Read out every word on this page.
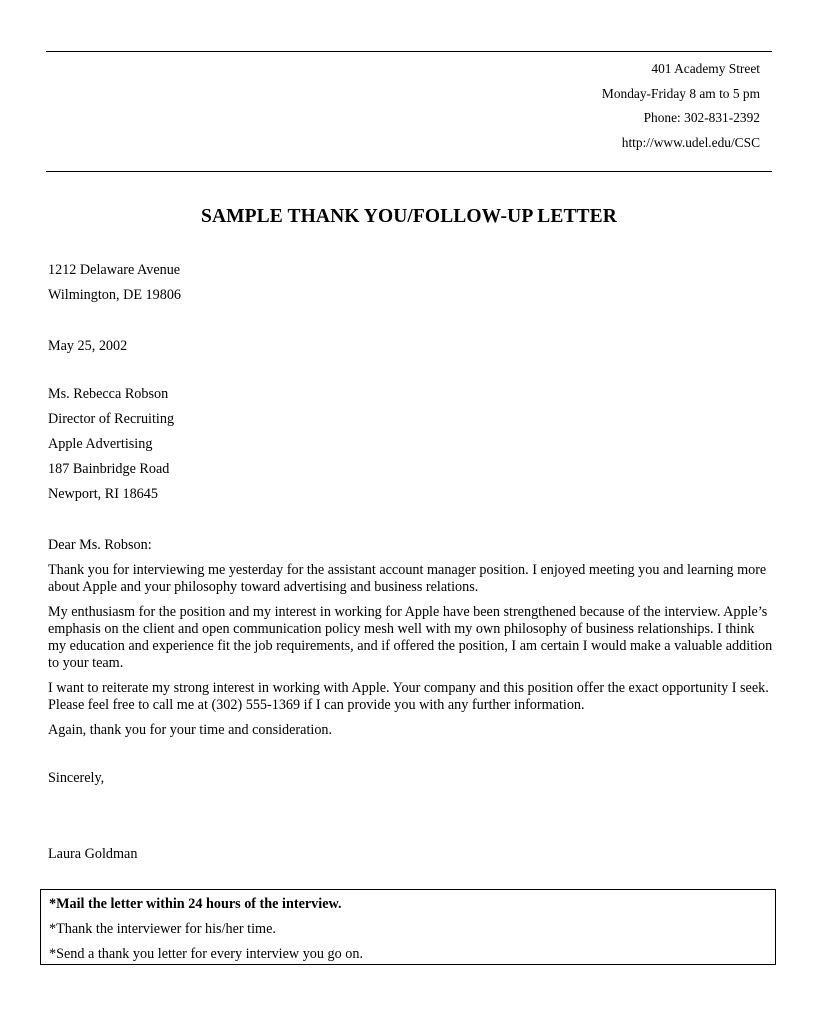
401 Academy Street
Monday-Friday 8 am to 5 pm
Phone: 302-831-2392
http://www.udel.edu/CSC
SAMPLE THANK YOU/FOLLOW-UP LETTER
1212 Delaware Avenue
Wilmington, DE 19806
May 25, 2002
Ms. Rebecca Robson
Director of Recruiting
Apple Advertising
187 Bainbridge Road
Newport, RI 18645
Dear Ms. Robson:

Thank you for interviewing me yesterday for the assistant account manager position. I enjoyed meeting you and learning more about Apple and your philosophy toward advertising and business relations.

My enthusiasm for the position and my interest in working for Apple have been strengthened because of the interview. Apple’s emphasis on the client and open communication policy mesh well with my own philosophy of business relationships. I think my education and experience fit the job requirements, and if offered the position, I am certain I would make a valuable addition to your team.

I want to reiterate my strong interest in working with Apple. Your company and this position offer the exact opportunity I seek. Please feel free to call me at (302) 555-1369 if I can provide you with any further information.

Again, thank you for your time and consideration.

Sincerely,
Laura Goldman
*Mail the letter within 24 hours of the interview.
*Thank the interviewer for his/her time.
*Send a thank you letter for every interview you go on.
